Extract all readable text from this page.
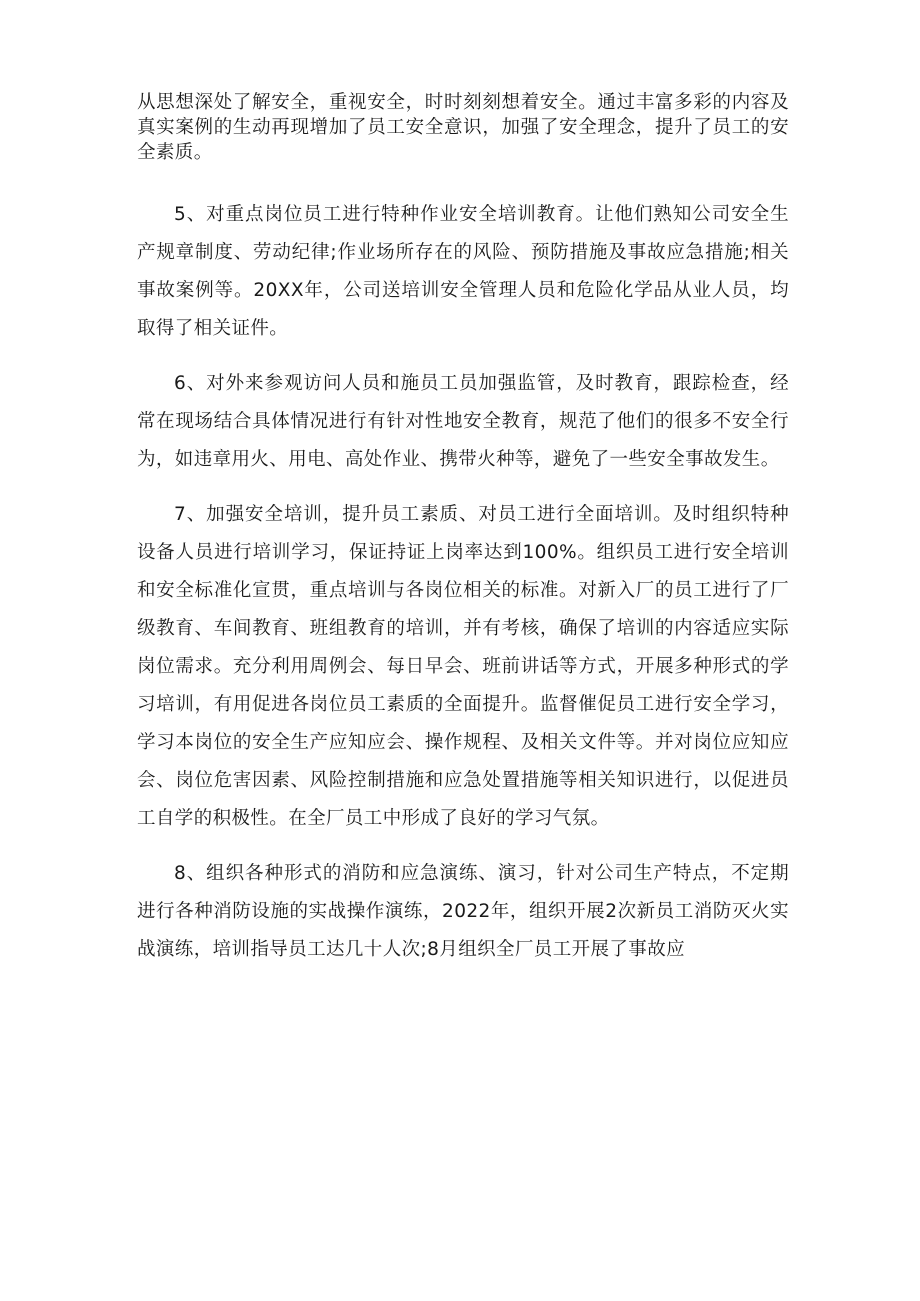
从思想深处了解安全，重视安全，时时刻刻想着安全。通过丰富多彩的内容及真实案例的生动再现增加了员工安全意识，加强了安全理念，提升了员工的安全素质。

5、对重点岗位员工进行特种作业安全培训教育。让他们熟知公司安全生产规章制度、劳动纪律;作业场所存在的风险、预防措施及事故应急措施;相关事故案例等。20XX年，公司送培训安全管理人员和危险化学品从业人员，均取得了相关证件。

6、对外来参观访问人员和施员工员加强监管，及时教育，跟踪检查，经常在现场结合具体情况进行有针对性地安全教育，规范了他们的很多不安全行为，如违章用火、用电、高处作业、携带火种等，避免了一些安全事故发生。

7、加强安全培训，提升员工素质、对员工进行全面培训。及时组织特种设备人员进行培训学习，保证持证上岗率达到100%。组织员工进行安全培训和安全标准化宣贯，重点培训与各岗位相关的标准。对新入厂的员工进行了厂级教育、车间教育、班组教育的培训，并有考核，确保了培训的内容适应实际岗位需求。充分利用周例会、每日早会、班前讲话等方式，开展多种形式的学习培训，有用促进各岗位员工素质的全面提升。监督催促员工进行安全学习，学习本岗位的安全生产应知应会、操作规程、及相关文件等。并对岗位应知应会、岗位危害因素、风险控制措施和应急处置措施等相关知识进行，以促进员工自学的积极性。在全厂员工中形成了良好的学习气氛。

8、组织各种形式的消防和应急演练、演习，针对公司生产特点，不定期进行各种消防设施的实战操作演练，2022年，组织开展2次新员工消防灭火实战演练，培训指导员工达几十人次;8月组织全厂员工开展了事故应
